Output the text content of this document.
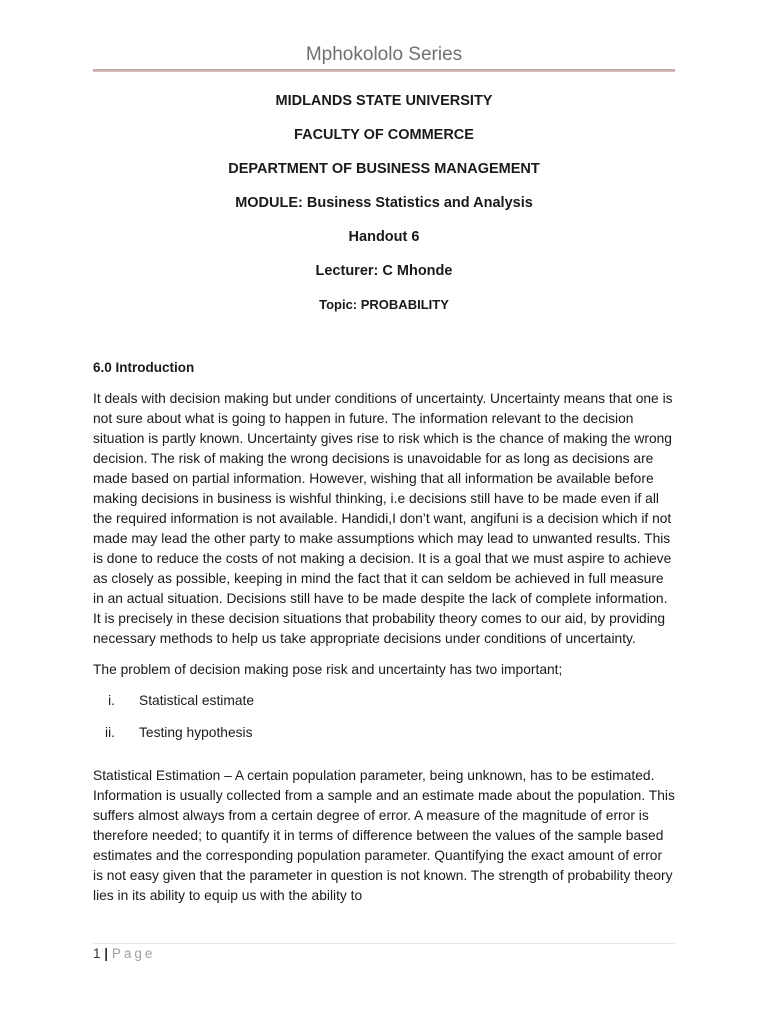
Mphokololo Series

MIDLANDS STATE UNIVERSITY

FACULTY OF COMMERCE

DEPARTMENT OF BUSINESS MANAGEMENT

MODULE: Business Statistics and Analysis

Handout 6

Lecturer: C Mhonde

Topic: PROBABILITY

6.0 Introduction

It deals with decision making but under conditions of uncertainty. Uncertainty means that one is not sure about what is going to happen in future. The information relevant to the decision situation is partly known. Uncertainty gives rise to risk which is the chance of making the wrong decision. The risk of making the wrong decisions is unavoidable for as long as decisions are made based on partial information. However, wishing that all information be available before making decisions in business is wishful thinking, i.e decisions still have to be made even if all the required information is not available. Handidi,I don’t want, angifuni is a decision which if not made may lead the other party to make assumptions which may lead to unwanted results. This is done to reduce the costs of not making a decision. It is a goal that we must aspire to achieve as closely as possible, keeping in mind the fact that it can seldom be achieved in full measure in an actual situation. Decisions still have to be made despite the lack of complete information. It is precisely in these decision situations that probability theory comes to our aid, by providing necessary methods to help us take appropriate decisions under conditions of uncertainty.

The problem of decision making pose risk and uncertainty has two important;

i. Statistical estimate
ii. Testing hypothesis

Statistical Estimation – A certain population parameter, being unknown, has to be estimated. Information is usually collected from a sample and an estimate made about the population. This suffers almost always from a certain degree of error. A measure of the magnitude of error is therefore needed; to quantify it in terms of difference between the values of the sample based estimates and the corresponding population parameter. Quantifying the exact amount of error is not easy given that the parameter in question is not known. The strength of probability theory lies in its ability to equip us with the ability to

1 | Page
